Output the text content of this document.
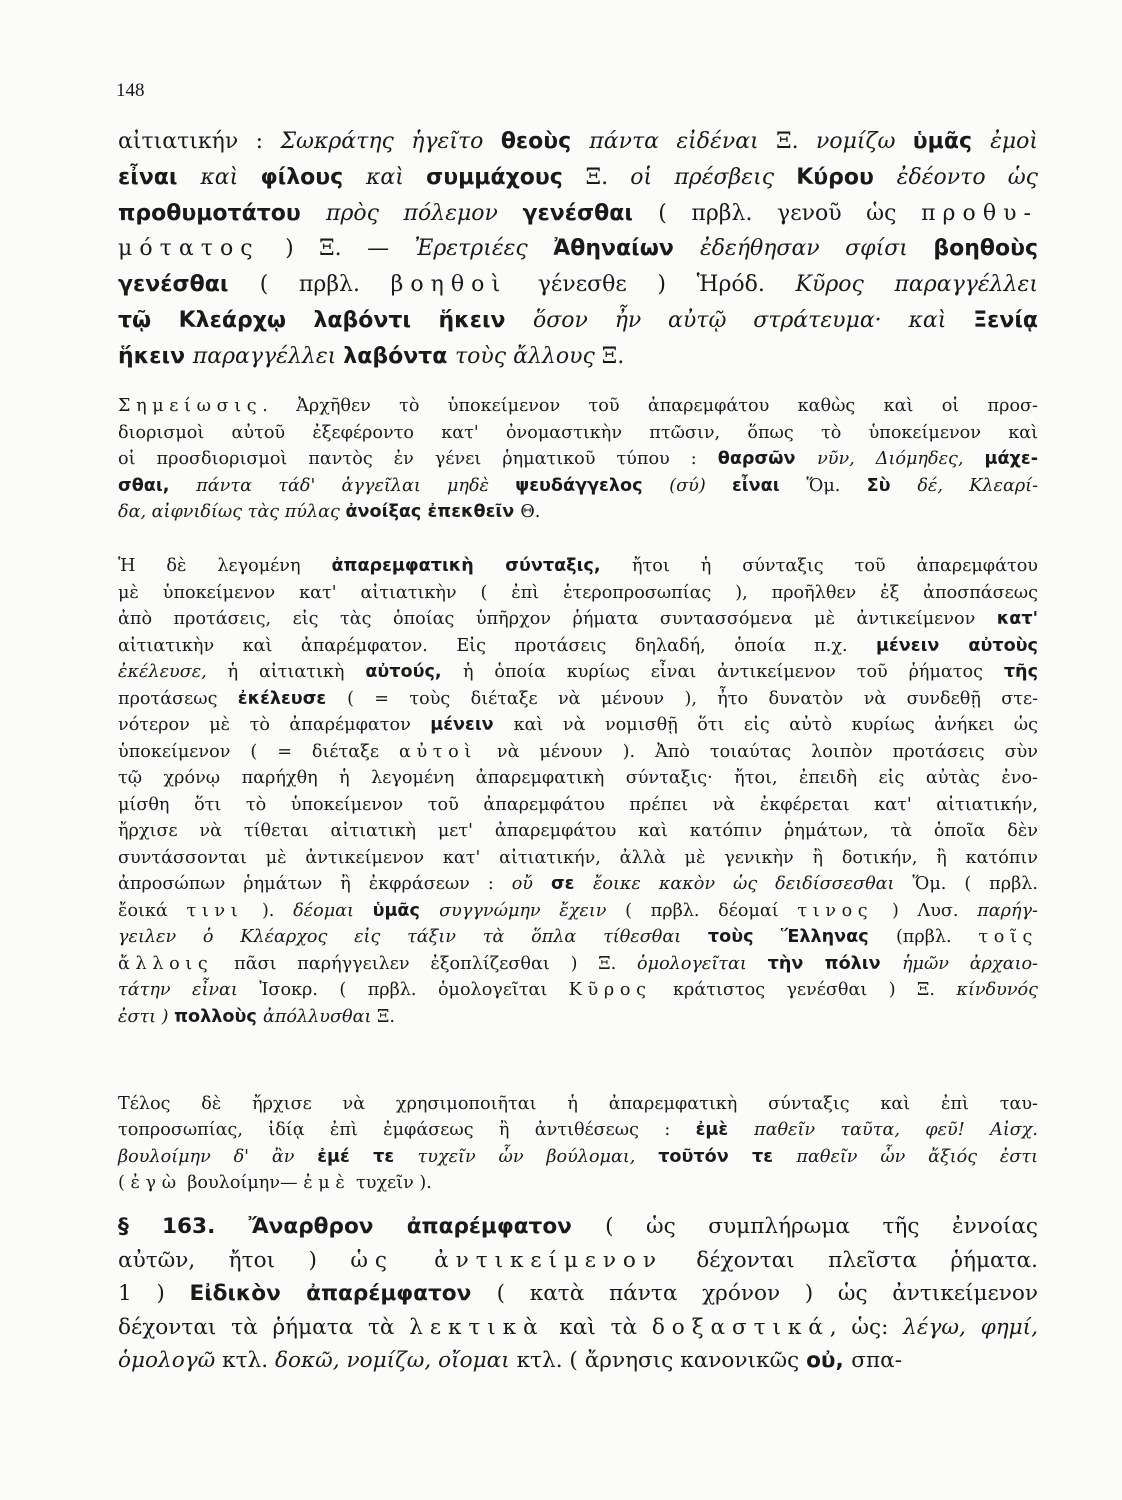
148
αἰτιατικήν : Σωκράτης ἡγεῖτο θεοὺς πάντα εἰδέναι Ξ. νομίζω ὑμᾶς ἐμοὶ
εἶναι καὶ φίλους καὶ συμμάχους Ξ. οἱ πρέσβεις Κύρου ἐδέοντο ὡς
προθυμοτάτου πρὸς πόλεμον γενέσθαι ( πρβλ. γενοῦ ὡς προθυ-
μότατος ) Ξ. — Ἐρετριέες Ἀθηναίων ἐδεήθησαν σφίσι βοηθοὺς
γενέσθαι ( πρβλ. βοηθοὶ γένεσθε ) Ἡρόδ. Κῦρος παραγγέλλει
τῷ Κλεάρχῳ λαβόντι ἥκειν ὅσον ἦν αὐτῷ στράτευμα· καὶ Ξενίᾳ
ἥκειν παραγγέλλει λαβόντα τοὺς ἄλλους Ξ.
Σημείωσις. Ἀρχῆθεν τὸ ὑποκείμενον τοῦ ἀπαρεμφάτου καθὼς καὶ οἱ προσ-
διορισμοὶ αὐτοῦ ἐξεφέροντο κατ' ὀνομαστικὴν πτῶσιν, ὅπως τὸ ὑποκείμενον καὶ
οἱ προσδιορισμοὶ παντὸς ἐν γένει ῥηματικοῦ τύπου : θαρσῶν νῦν, Διόμηδες, μάχε-
σθαι, πάντα τάδ' ἀγγεῖλαι μηδὲ ψευδάγγελος (σύ) εἶναι Ὅμ. Σὺ δέ, Κλεαρί-
δα, αἰφνιδίως τὰς πύλας ἀνοίξας ἐπεκθεῖν Θ.
Ἡ δὲ λεγομένη ἀπαρεμφατικὴ σύνταξις, ἤτοι ἡ σύνταξις τοῦ ἀπαρεμφάτου
μὲ ὑποκείμενον κατ' αἰτιατικὴν ( ἐπὶ ἑτεροπροσωπίας ), προῆλθεν ἐξ ἀποσπάσεως
ἀπὸ προτάσεις, εἰς τὰς ὁποίας ὑπῆρχον ῥήματα συντασσόμενα μὲ ἀντικείμενον κατ'
αἰτιατικὴν καὶ ἀπαρέμφατον. Εἰς προτάσεις δηλαδή, ὁποία π.χ. μένειν αὐτοὺς
ἐκέλευσε, ἡ αἰτιατικὴ αὐτούς, ἡ ὁποία κυρίως εἶναι ἀντικείμενον τοῦ ῥήματος τῆς
προτάσεως ἐκέλευσε ( = τοὺς διέταξε νὰ μένουν ), ἦτο δυνατὸν νὰ συνδεθῇ στε-
νότερον μὲ τὸ ἀπαρέμφατον μένειν καὶ νὰ νομισθῇ ὅτι εἰς αὐτὸ κυρίως ἀνήκει ὡς
ὑποκείμενον ( = διέταξε αὐτοὶ νὰ μένουν ). Ἀπὸ τοιαύτας λοιπὸν προτάσεις σὺν
τῷ χρόνῳ παρήχθη ἡ λεγομένη ἀπαρεμφατικὴ σύνταξις· ἤτοι, ἐπειδὴ εἰς αὐτὰς ἐνο-
μίσθη ὅτι τὸ ὑποκείμενον τοῦ ἀπαρεμφάτου πρέπει νὰ ἐκφέρεται κατ' αἰτιατικήν,
ἤρχισε νὰ τίθεται αἰτιατικὴ μετ' ἀπαρεμφάτου καὶ κατόπιν ῥημάτων, τὰ ὁποῖα δὲν
συντάσσονται μὲ ἀντικείμενον κατ' αἰτιατικήν, ἀλλὰ μὲ γενικὴν ἢ δοτικήν, ἢ κατόπιν
ἀπροσώπων ῥημάτων ἢ ἐκφράσεων : οὔ σε ἔοικε κακὸν ὡς δειδίσσεσθαι Ὅμ. ( πρβλ.
ἔοικά τινι ). δέομαι ὑμᾶς συγγνώμην ἔχειν ( πρβλ. δέομαί τινος ) Λυσ. παρήγ-
γειλεν ὁ Κλέαρχος εἰς τάξιν τὰ ὅπλα τίθεσθαι τοὺς Ἕλληνας (πρβλ. τοῖς
ἄλλοις πᾶσι παρήγγειλεν ἐξοπλίζεσθαι ) Ξ. ὁμολογεῖται τὴν πόλιν ἡμῶν ἀρχαιο-
τάτην εἶναι Ἰσοκρ. ( πρβλ. ὁμολογεῖται Κῦρος κράτιστος γενέσθαι ) Ξ. κίνδυνός
ἐστι ) πολλοὺς ἀπόλλυσθαι Ξ.
Τέλος δὲ ἤρχισε νὰ χρησιμοποιῆται ἡ ἀπαρεμφατικὴ σύνταξις καὶ ἐπὶ ταυ-
τοπροσωπίας, ἰδίᾳ ἐπὶ ἐμφάσεως ἢ ἀντιθέσεως : ἐμὲ παθεῖν ταῦτα, φεῦ! Αἰσχ.
βουλοίμην δ' ἂν ἐμέ τε τυχεῖν ὧν βούλομαι, τοῦτόν τε παθεῖν ὧν ἄξιός ἐστι
( ἐγὼ βουλοίμην— ἐμὲ τυχεῖν ).
§ 163. Ἄναρθρον ἀπαρέμφατον ( ὡς συμπλήρωμα τῆς ἐννοίας
αὐτῶν, ἤτοι ) ὡς ἀντικείμενον δέχονται πλεῖστα ῥήματα.
1 ) Εἰδικὸν ἀπαρέμφατον ( κατὰ πάντα χρόνον ) ὡς ἀντικείμενον
δέχονται τὰ ῥήματα τὰ λεκτικὰ καὶ τὰ δοξαστικά, ὡς: λέγω, φημί,
ὁμολογῶ κτλ. δοκῶ, νομίζω, οἴομαι κτλ. ( ἄρνησις κανονικῶς οὐ, σπα-
